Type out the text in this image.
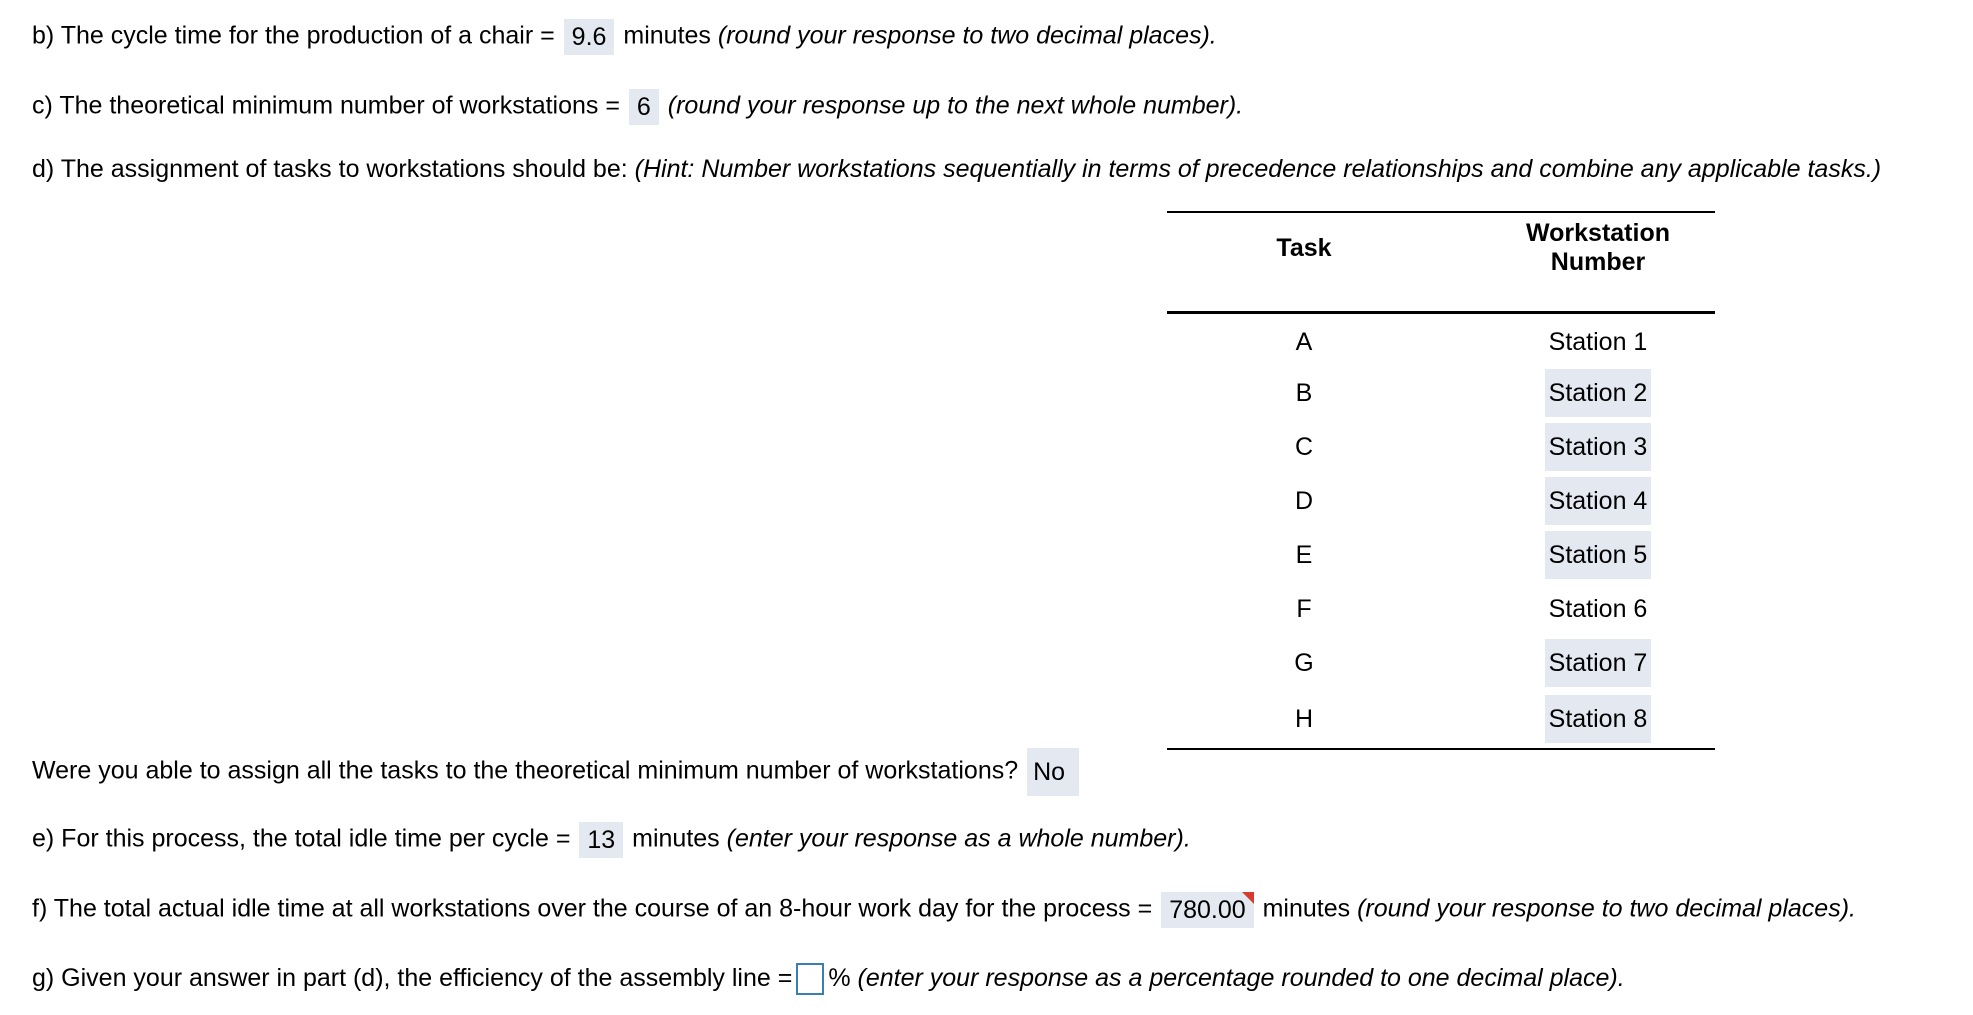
b) The cycle time for the production of a chair = 9.6 minutes (round your response to two decimal places).
c) The theoretical minimum number of workstations = 6 (round your response up to the next whole number).
d) The assignment of tasks to workstations should be: (Hint: Number workstations sequentially in terms of precedence relationships and combine any applicable tasks.)
Task	Workstation Number
A	Station 1
B	Station 2
C	Station 3
D	Station 4
E	Station 5
F	Station 6
G	Station 7
H	Station 8
Were you able to assign all the tasks to the theoretical minimum number of workstations? No
e) For this process, the total idle time per cycle = 13 minutes (enter your response as a whole number).
f) The total actual idle time at all workstations over the course of an 8-hour work day for the process = 780.00 minutes (round your response to two decimal places).
g) Given your answer in part (d), the efficiency of the assembly line = % (enter your response as a percentage rounded to one decimal place).
